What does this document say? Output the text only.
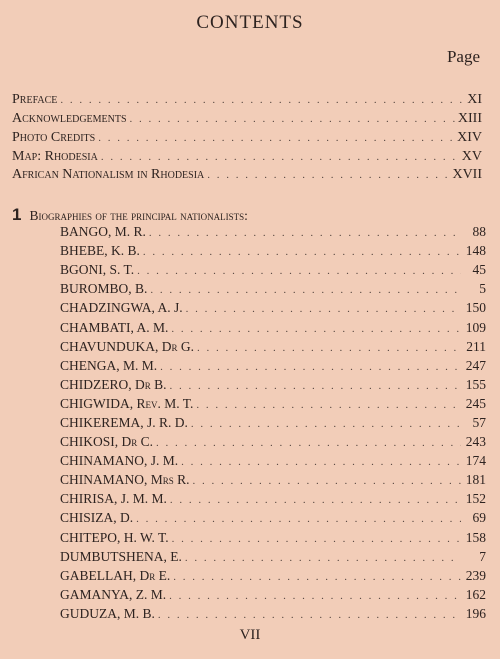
CONTENTS
Page
Preface . . .	XI
Acknowledgements . . .	XIII
Photo Credits . . .	XIV
Map: Rhodesia . . .	XV
African Nationalism in Rhodesia . . .	XVII
1 Biographies of the principal nationalists:
BANGO, M. R. . . .	88
BHEBE, K. B. . . .	148
BGONI, S. T. . . .	45
BUROMBO, B. . . .	5
CHADZINGWA, A. J. . . .	150
CHAMBATI, A. M. . . .	109
CHAVUNDUKA, Dr G. . . .	211
CHENGA, M. M. . . .	247
CHIDZERO, Dr B. . . .	155
CHIGWIDA, Rev. M. T. . . .	245
CHIKEREMA, J. R. D. . . .	57
CHIKOSI, Dr C. . . .	243
CHINAMANO, J. M. . . .	174
CHINAMANO, Mrs R. . . .	181
CHIRISA, J. M. M. . . .	152
CHISIZA, D. . . .	69
CHITEPO, H. W. T. . . .	158
DUMBUTSHENA, E. . . .	7
GABELLAH, Dr E. . . .	239
GAMANYA, Z. M. . . .	162
GUDUZA, M. B. . . .	196
VII
